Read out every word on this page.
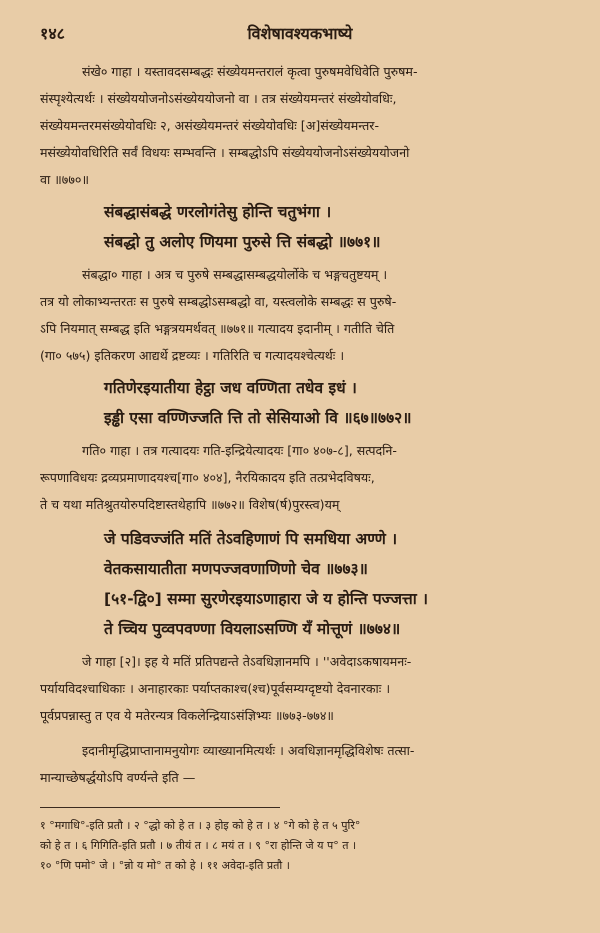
१४८	विशेषावश्यकभाष्ये

संखे० गाहा । यस्तावदसम्बद्धः संख्येयमन्तरालं कृत्वा पुरुषमवेधिवेति पुरुषम-
संस्पृश्येत्यर्थः । संख्येययोजनोऽसंख्येययोजनो वा । तत्र संख्येयमन्तरं संख्येयोवधिः,
संख्येयमन्तरमसंख्येयोवधिः २, असंख्येयमन्तरं संख्येयोवधिः [अ]संख्येयमन्तर-
मसंख्येयोवधिरिति सर्वं विधयः सम्भवन्ति । सम्बद्धोऽपि संख्येययोजनोऽसंख्येययोजनो
वा ॥७७०॥

संबद्धासंबद्धे णरलोगंतेसु होन्ति चतुभंगा ।
संबद्धो तु अलोए णियमा पुरुसे त्ति संबद्धो ॥७७१॥

संबद्धा० गाहा । अत्र च पुरुषे सम्बद्धासम्बद्धयोर्लोके च भङ्गचतुष्टयम् ।
तत्र यो लोकाभ्यन्तरतः स पुरुषे सम्बद्धोऽसम्बद्धो वा, यस्त्वलोके सम्बद्धः स पुरुषे-
ऽपि नियमात् सम्बद्ध इति भङ्गत्रयमर्थवत् ॥७७१॥ गत्यादय इदानीम् । गतीति चेति
(गा० ५७५) इतिकरण आद्यर्थे द्रष्टव्यः । गतिरिति च गत्यादयश्चेत्यर्थः ।

गतिणेरइयातीया हेट्ठा जध वण्णिता तधेव इधं ।
इड्ढी एसा वण्णिज्जति त्ति तो सेसियाओ वि ॥६७॥७७२॥

गति० गाहा । तत्र गत्यादयः गति-इन्द्रियेत्यादयः [गा० ४०७-८], सत्पदनि-
रूपणाविधयः द्रव्यप्रमाणादयश्च[गा० ४०४], नैरयिकादय इति तत्प्रभेदविषयः,
ते च यथा मतिश्रुतयोरुपदिष्टास्तथेहापि ॥७७२॥ विशेष(र्ष)पुरस्त्व)यम्

जे पडिवज्जंति मतिं तेऽवहिणाणं पि समधिया अण्णे ।
वेतकसायातीता मणपज्जवणाणिणो चेव ॥७७३॥
[५१-द्वि०] सम्मा सुरणेरइयाऽणाहारा जे य होन्ति पज्जत्ता ।
ते च्चिय पुव्वपवण्णा वियलाऽसण्णि यँ मोत्तूणं ॥७७४॥

जे गाहा [२]। इह ये मतिं प्रतिपद्यन्ते तेऽवधिज्ञानमपि । ''अवेदाऽकषायमनः-
पर्यायविदश्चाधिकाः । अनाहारकाः पर्याप्तकाश्च(श्च)पूर्वसम्यग्दृष्टयो देवनारकाः ।
पूर्वप्रपन्नास्तु त एव ये मतेरन्यत्र विकलेन्द्रियाऽसंज्ञिभ्यः ॥७७३-७७४॥

इदानीमृद्धिप्राप्तानामनुयोगः व्याख्यानमित्यर्थः । अवधिज्ञानमृद्धिविशेषः तत्सा-
मान्याच्छेषर्द्धयोऽपि वर्ण्यन्ते इति —

१ °मगाधि°-इति प्रतौ । २ °द्धो को हे त । ३ होइ को हे त । ४ °गे को हे त ५ पुरि°
को हे त । ६ गिगिति-इति प्रतौ । ७ तीयं त । ८ मयं त । ९ °रा होन्ति जे य प° त ।
१० °णि पमो° जे । °न्नो य मो° त को हे । ११ अवेदा-इति प्रतौ ।
